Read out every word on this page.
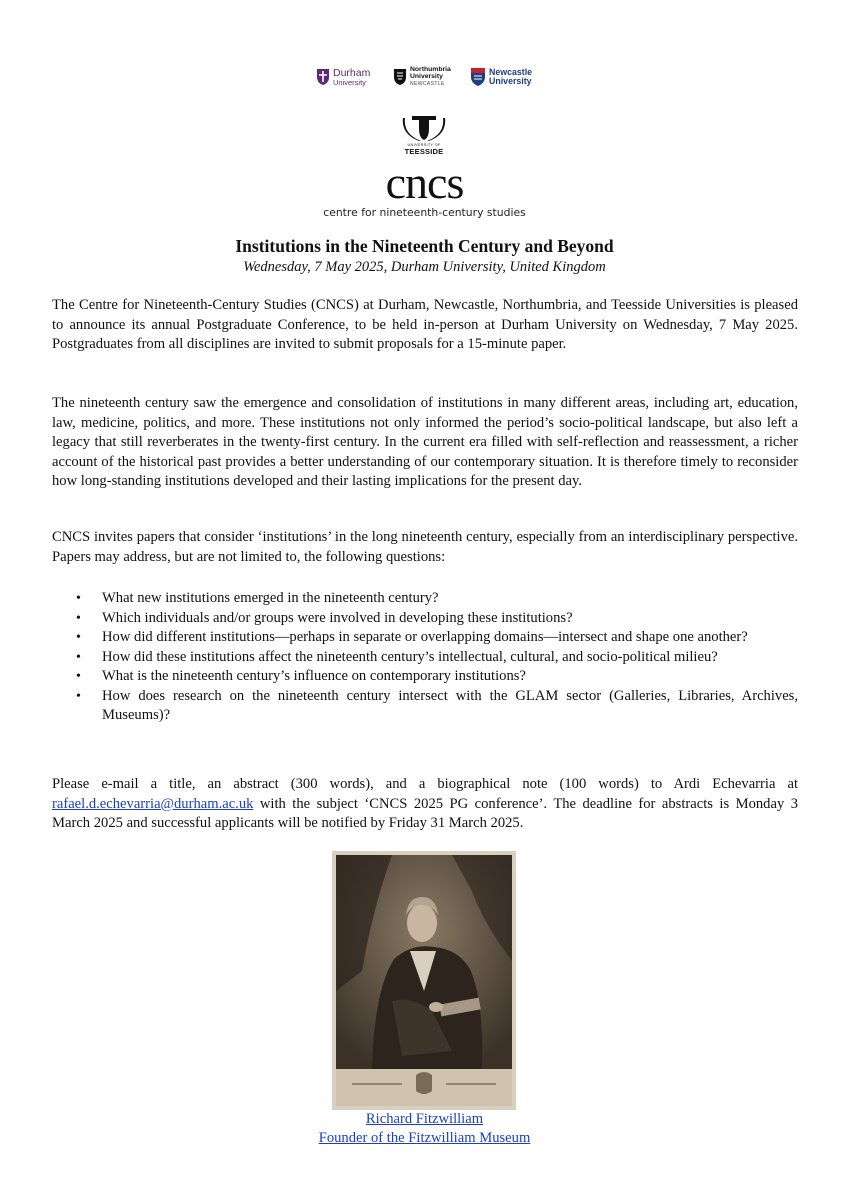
Durham
University
Northumbria
University
NEWCASTLE
Newcastle
University
UNIVERSITY OF
TEESSIDE
cncs
centre for nineteenth-century studies
Institutions in the Nineteenth Century and Beyond
Wednesday, 7 May 2025, Durham University, United Kingdom

The Centre for Nineteenth-Century Studies (CNCS) at Durham, Newcastle, Northumbria, and Teesside Universities is pleased to announce its annual Postgraduate Conference, to be held in-person at Durham University on Wednesday, 7 May 2025. Postgraduates from all disciplines are invited to submit proposals for a 15-minute paper.

The nineteenth century saw the emergence and consolidation of institutions in many different areas, including art, education, law, medicine, politics, and more. These institutions not only informed the period’s socio-political landscape, but also left a legacy that still reverberates in the twenty-first century. In the current era filled with self-reflection and reassessment, a richer account of the historical past provides a better understanding of our contemporary situation. It is therefore timely to reconsider how long-standing institutions developed and their lasting implications for the present day.

CNCS invites papers that consider ‘institutions’ in the long nineteenth century, especially from an interdisciplinary perspective. Papers may address, but are not limited to, the following questions:

• What new institutions emerged in the nineteenth century?
• Which individuals and/or groups were involved in developing these institutions?
• How did different institutions—perhaps in separate or overlapping domains—intersect and shape one another?
• How did these institutions affect the nineteenth century’s intellectual, cultural, and socio-political milieu?
• What is the nineteenth century’s influence on contemporary institutions?
• How does research on the nineteenth century intersect with the GLAM sector (Galleries, Libraries, Archives, Museums)?
Please e-mail a title, an abstract (300 words), and a biographical note (100 words) to Ardi Echevarria at rafael.d.echevarria@durham.ac.uk with the subject ‘CNCS 2025 PG conference’. The deadline for abstracts is Monday 3 March 2025 and successful applicants will be notified by Friday 31 March 2025.
Richard Fitzwilliam
Founder of the Fitzwilliam Museum
